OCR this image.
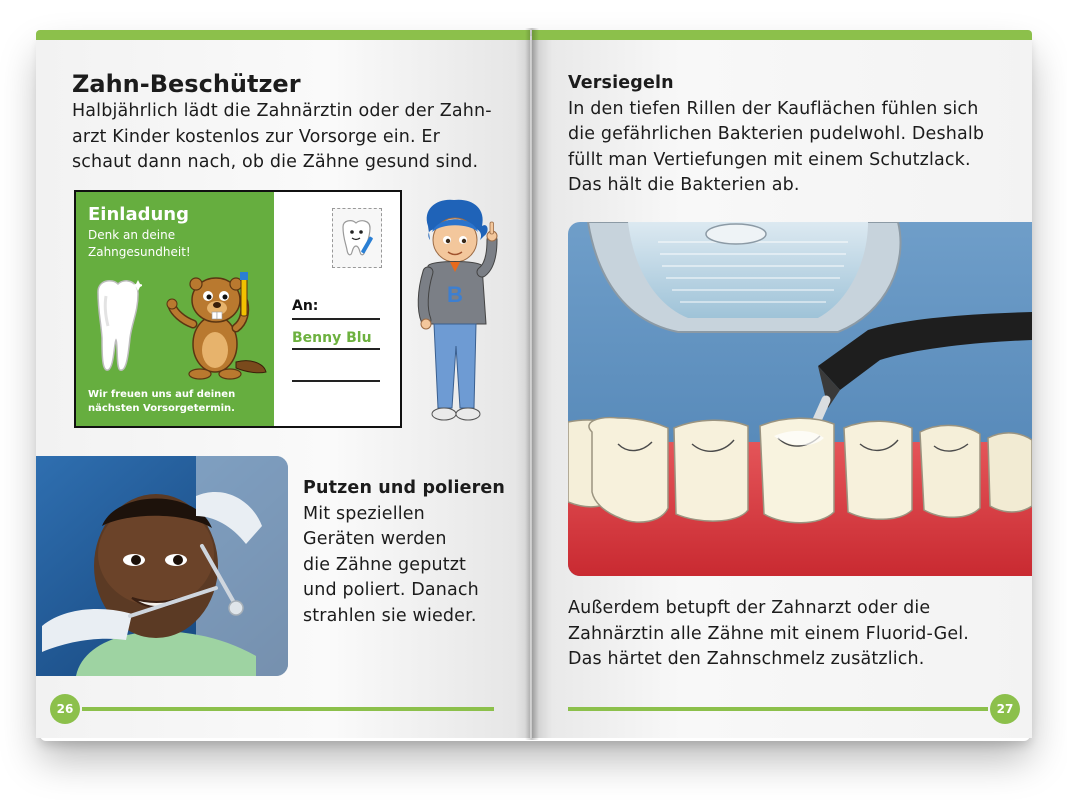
Zahn-Beschützer
Halbjährlich lädt die Zahnärztin oder der Zahn-
arzt Kinder kostenlos zur Vorsorge ein. Er
schaut dann nach, ob die Zähne gesund sind.
Einladung
Denk an deine
Zahngesundheit!
Wir freuen uns auf deinen
nächsten Vorsorgetermin.
An:
Benny Blu
B
Putzen und polieren
Mit speziellen
Geräten werden
die Zähne geputzt
und poliert. Danach
strahlen sie wieder.
26
Versiegeln
In den tiefen Rillen der Kauflächen fühlen sich
die gefährlichen Bakterien pudelwohl. Deshalb
füllt man Vertiefungen mit einem Schutzlack.
Das hält die Bakterien ab.
Außerdem betupft der Zahnarzt oder die
Zahnärztin alle Zähne mit einem Fluorid-Gel.
Das härtet den Zahnschmelz zusätzlich.
27
